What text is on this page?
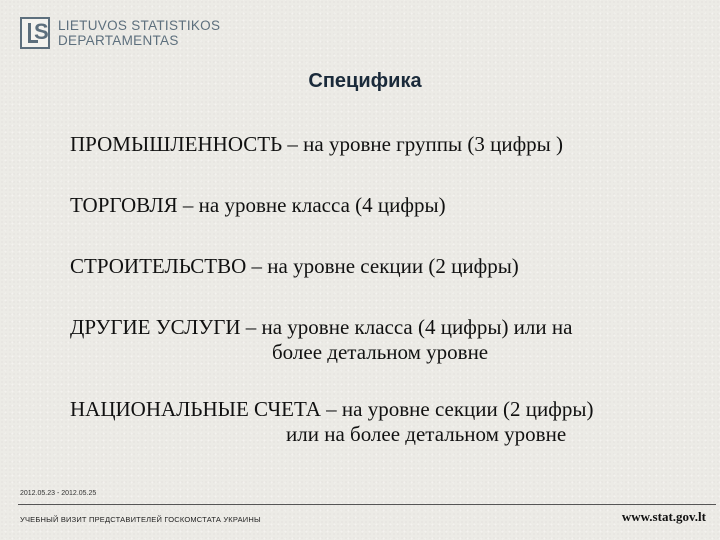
S LIETUVOS STATISTIKOS
DEPARTAMENTAS
Специфика
ПРОМЫШЛЕННОСТЬ – на уровне группы (3 цифры )
ТОРГОВЛЯ – на уровне класса (4 цифры)
СТРОИТЕЛЬСТВО – на уровне секции (2 цифры)
ДРУГИЕ УСЛУГИ – на уровне класса (4 цифры) или на
более детальном уровне
НАЦИОНАЛЬНЫЕ СЧЕТА – на уровне секции (2 цифры)
или на более детальном уровне
2012.05.23 - 2012.05.25
УЧЕБНЫЙ ВИЗИТ ПРЕДСТАВИТЕЛЕЙ ГОСКОМСТАТА УКРАИНЫ	www.stat.gov.lt
